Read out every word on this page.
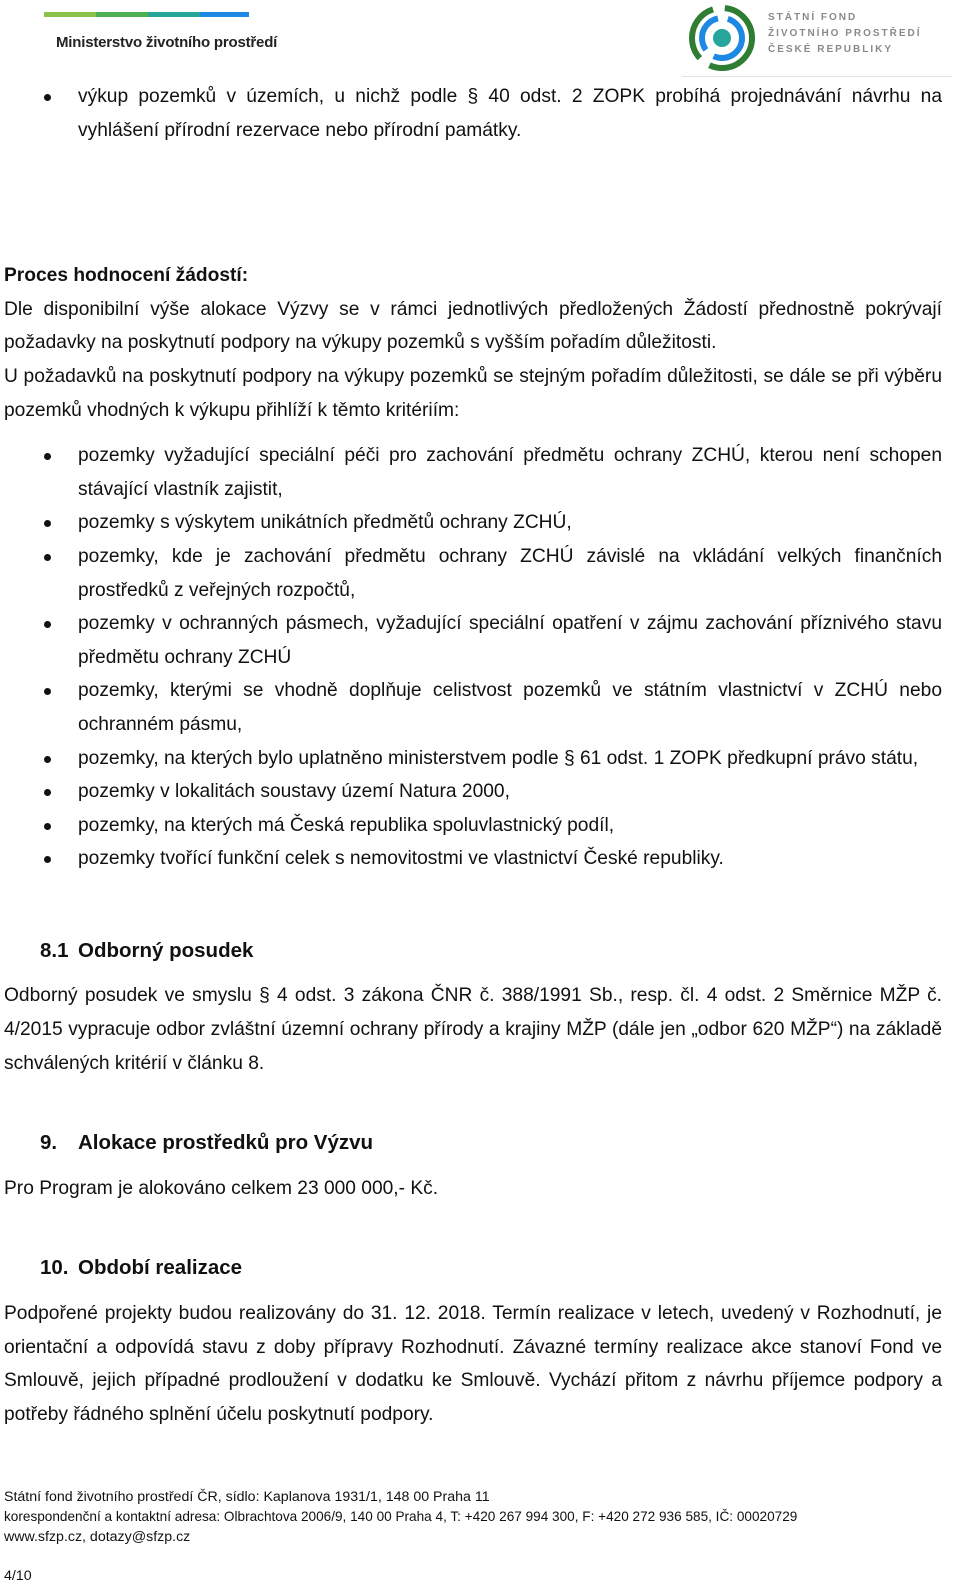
Ministerstvo životního prostředí
STÁTNÍ FOND
ŽIVOTNÍHO PROSTŘEDÍ
ČESKÉ REPUBLIKY
výkup pozemků v územích, u nichž podle § 40 odst. 2 ZOPK probíhá projednávání návrhu na vyhlášení přírodní rezervace nebo přírodní památky.

Proces hodnocení žádostí:

Dle disponibilní výše alokace Výzvy se v rámci jednotlivých předložených Žádostí přednostně pokrývají požadavky na poskytnutí podpory na výkupy pozemků s vyšším pořadím důležitosti.

U požadavků na poskytnutí podpory na výkupy pozemků se stejným pořadím důležitosti, se dále se při výběru pozemků vhodných k výkupu přihlíží k těmto kritériím:

pozemky vyžadující speciální péči pro zachování předmětu ochrany ZCHÚ, kterou není schopen stávající vlastník zajistit,
pozemky s výskytem unikátních předmětů ochrany ZCHÚ,
pozemky, kde je zachování předmětu ochrany ZCHÚ závislé na vkládání velkých finančních prostředků z veřejných rozpočtů,
pozemky v ochranných pásmech, vyžadující speciální opatření v zájmu zachování příznivého stavu předmětu ochrany ZCHÚ
pozemky, kterými se vhodně doplňuje celistvost pozemků ve státním vlastnictví v ZCHÚ nebo ochranném pásmu,
pozemky, na kterých bylo uplatněno ministerstvem podle § 61 odst. 1 ZOPK předkupní právo státu,
pozemky v lokalitách soustavy území Natura 2000,
pozemky, na kterých má Česká republika spoluvlastnický podíl,
pozemky tvořící funkční celek s nemovitostmi ve vlastnictví České republiky.
8.1 Odborný posudek

Odborný posudek ve smyslu § 4 odst. 3 zákona ČNR č. 388/1991 Sb., resp. čl. 4 odst. 2 Směrnice MŽP č. 4/2015 vypracuje odbor zvláštní územní ochrany přírody a krajiny MŽP (dále jen „odbor 620 MŽP“) na základě schválených kritérií v článku 8.

9. Alokace prostředků pro Výzvu

Pro Program je alokováno celkem 23 000 000,- Kč.

10. Období realizace

Podpořené projekty budou realizovány do 31. 12. 2018. Termín realizace v letech, uvedený v Rozhodnutí, je orientační a odpovídá stavu z doby přípravy Rozhodnutí. Závazné termíny realizace akce stanoví Fond ve Smlouvě, jejich případné prodloužení v dodatku ke Smlouvě. Vychází přitom z návrhu příjemce podpory a potřeby řádného splnění účelu poskytnutí podpory.

Státní fond životního prostředí ČR, sídlo: Kaplanova 1931/1, 148 00 Praha 11
korespondenční a kontaktní adresa: Olbrachtova 2006/9, 140 00 Praha 4, T: +420 267 994 300, F: +420 272 936 585, IČ: 00020729
www.sfzp.cz, dotazy@sfzp.cz
4/10
